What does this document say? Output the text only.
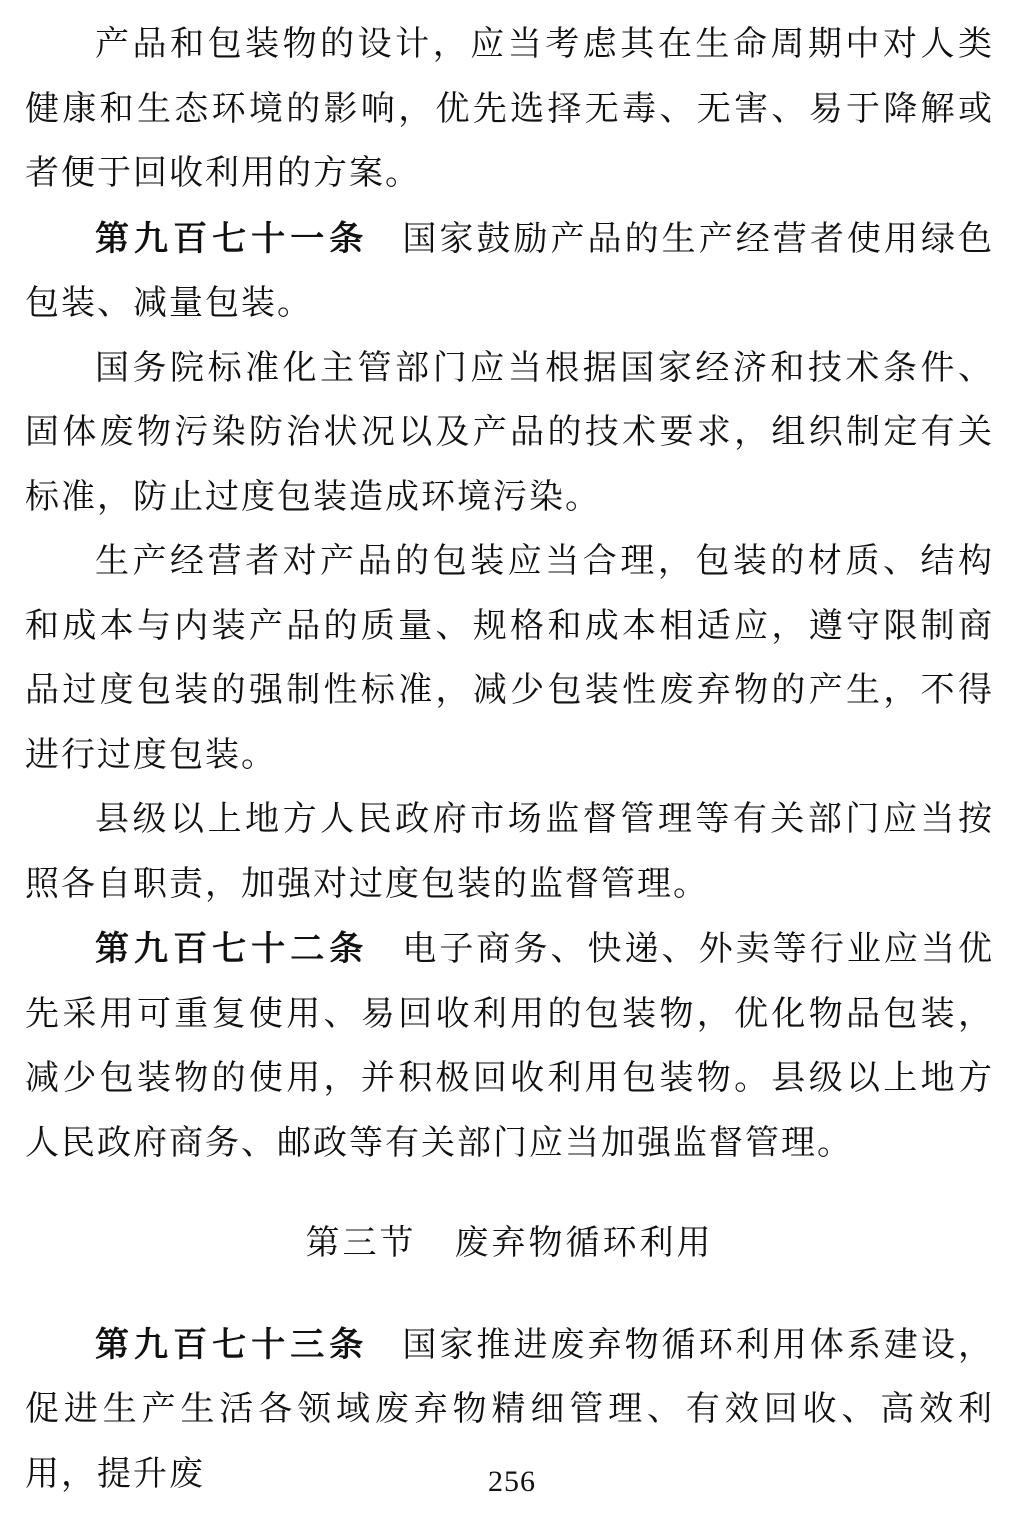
产品和包装物的设计，应当考虑其在生命周期中对人类健康和生态环境的影响，优先选择无毒、无害、易于降解或者便于回收利用的方案。

第九百七十一条 国家鼓励产品的生产经营者使用绿色包装、减量包装。

国务院标准化主管部门应当根据国家经济和技术条件、固体废物污染防治状况以及产品的技术要求，组织制定有关标准，防止过度包装造成环境污染。

生产经营者对产品的包装应当合理，包装的材质、结构和成本与内装产品的质量、规格和成本相适应，遵守限制商品过度包装的强制性标准，减少包装性废弃物的产生，不得进行过度包装。

县级以上地方人民政府市场监督管理等有关部门应当按照各自职责，加强对过度包装的监督管理。

第九百七十二条 电子商务、快递、外卖等行业应当优先采用可重复使用、易回收利用的包装物，优化物品包装，减少包装物的使用，并积极回收利用包装物。县级以上地方人民政府商务、邮政等有关部门应当加强监督管理。

第三节 废弃物循环利用

第九百七十三条 国家推进废弃物循环利用体系建设，促进生产生活各领域废弃物精细管理、有效回收、高效利用，提升废	256
